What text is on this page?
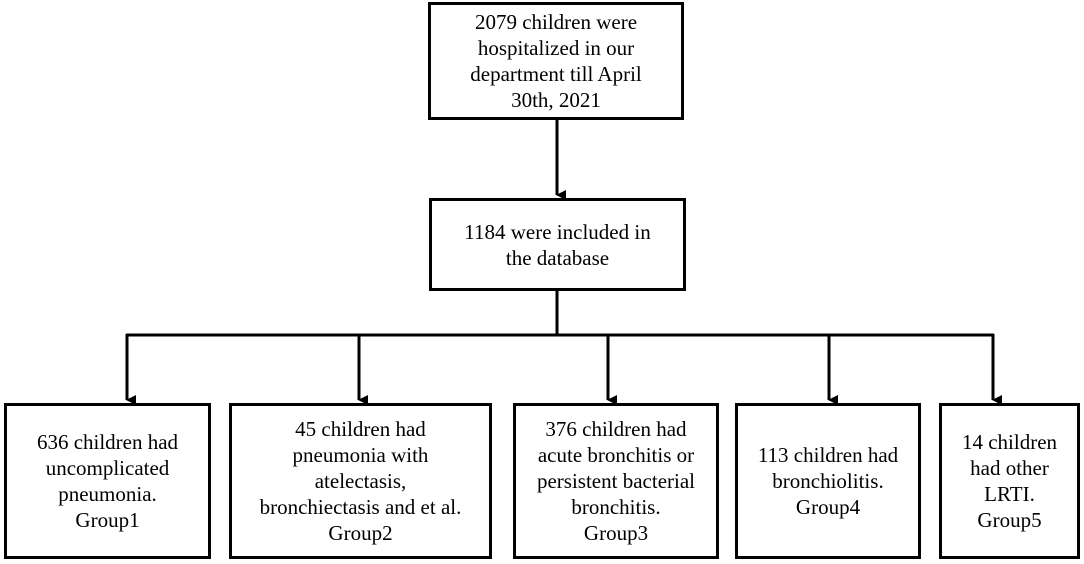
2079 children were
hospitalized in our
department till April
30th, 2021
1184 were included in
the database
636 children had
uncomplicated
pneumonia.
Group1
45 children had
pneumonia with
atelectasis,
bronchiectasis and et al.
Group2
376 children had
acute bronchitis or
persistent bacterial
bronchitis.
Group3
113 children had
bronchiolitis.
Group4
14 children
had other
LRTI.
Group5
